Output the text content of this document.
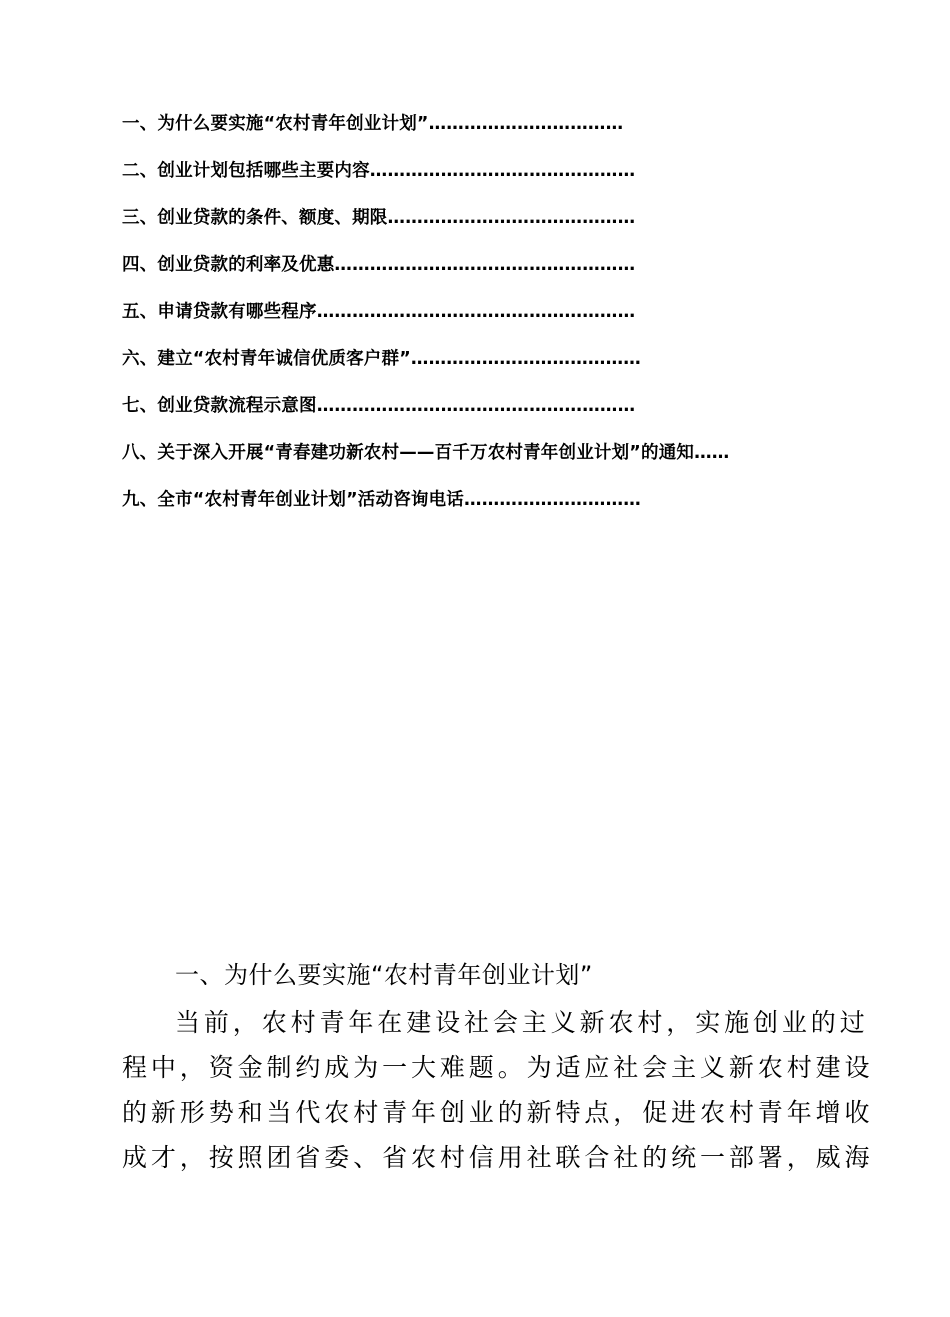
一、为什么要实施“农村青年创业计划”……………………………
二、创业计划包括哪些主要内容………………………………………
三、创业贷款的条件、额度、期限……………………………………
四、创业贷款的利率及优惠……………………………………………
五、申请贷款有哪些程序………………………………………………
六、建立“农村青年诚信优质客户群”…………………………………
七、创业贷款流程示意图………………………………………………
八、关于深入开展“青春建功新农村——百千万农村青年创业计划”的通知……
九、全市“农村青年创业计划”活动咨询电话…………………………
一、为什么要实施“农村青年创业计划”

当前，农村青年在建设社会主义新农村，实施创业的过

程中，资金制约成为一大难题。为适应社会主义新农村建设

的新形势和当代农村青年创业的新特点，促进农村青年增收

成才，按照团省委、省农村信用社联合社的统一部署，威海
